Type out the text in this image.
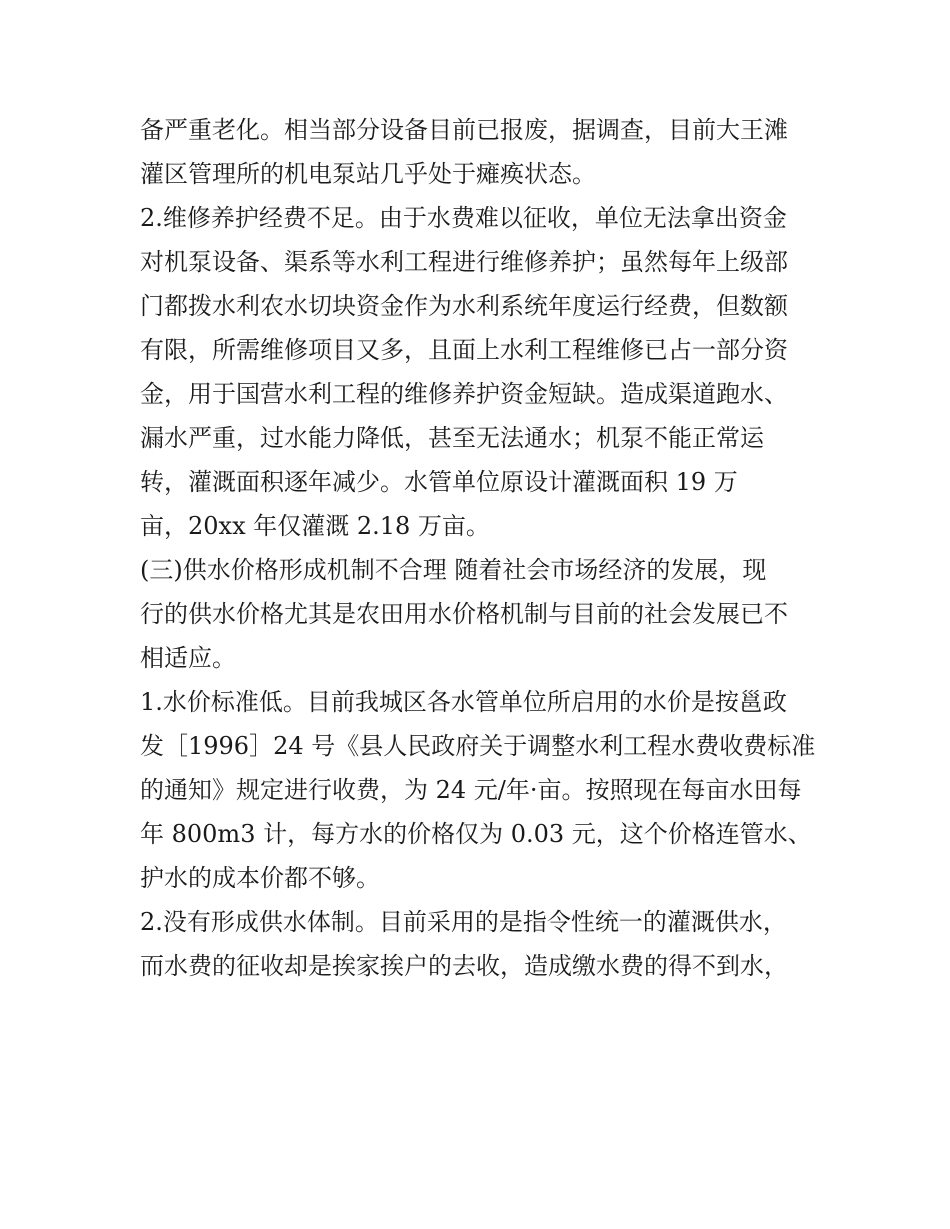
备严重老化。相当部分设备目前已报废，据调查，目前大王滩
灌区管理所的机电泵站几乎处于瘫痪状态。
2.维修养护经费不足。由于水费难以征收，单位无法拿出资金
对机泵设备、渠系等水利工程进行维修养护；虽然每年上级部
门都拨水利农水切块资金作为水利系统年度运行经费，但数额
有限，所需维修项目又多，且面上水利工程维修已占一部分资
金，用于国营水利工程的维修养护资金短缺。造成渠道跑水、
漏水严重，过水能力降低，甚至无法通水；机泵不能正常运
转，灌溉面积逐年减少。水管单位原设计灌溉面积 19 万
亩，20xx 年仅灌溉 2.18 万亩。
(三)供水价格形成机制不合理 随着社会市场经济的发展，现
行的供水价格尤其是农田用水价格机制与目前的社会发展已不
相适应。
1.水价标准低。目前我城区各水管单位所启用的水价是按邕政
发［1996］24 号《县人民政府关于调整水利工程水费收费标准
的通知》规定进行收费，为 24 元/年·亩。按照现在每亩水田每
年 800m3 计，每方水的价格仅为 0.03 元，这个价格连管水、
护水的成本价都不够。
2.没有形成供水体制。目前采用的是指令性统一的灌溉供水，
而水费的征收却是挨家挨户的去收，造成缴水费的得不到水，
